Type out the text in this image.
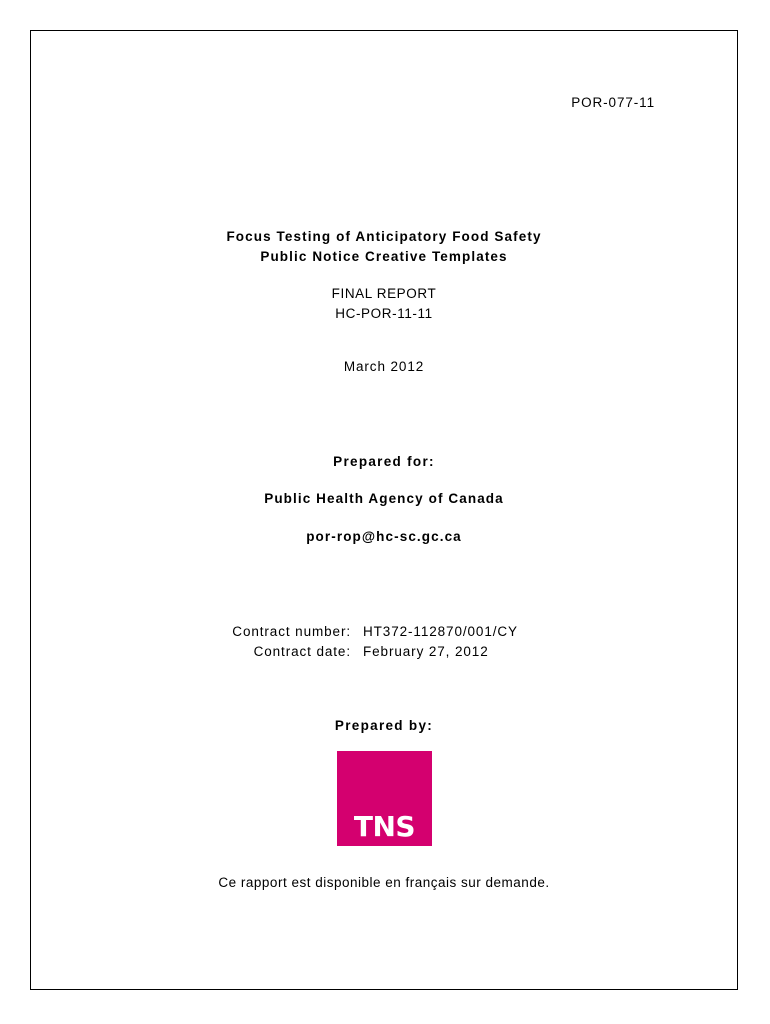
POR-077-11
Focus Testing of Anticipatory Food Safety
Public Notice Creative Templates
FINAL REPORT
HC-POR-11-11
March 2012
Prepared for:
Public Health Agency of Canada
por-rop@hc-sc.gc.ca
Contract number: HT372-112870/001/CY
Contract date: February 27, 2012
Prepared by:
TNS
Ce rapport est disponible en français sur demande.
